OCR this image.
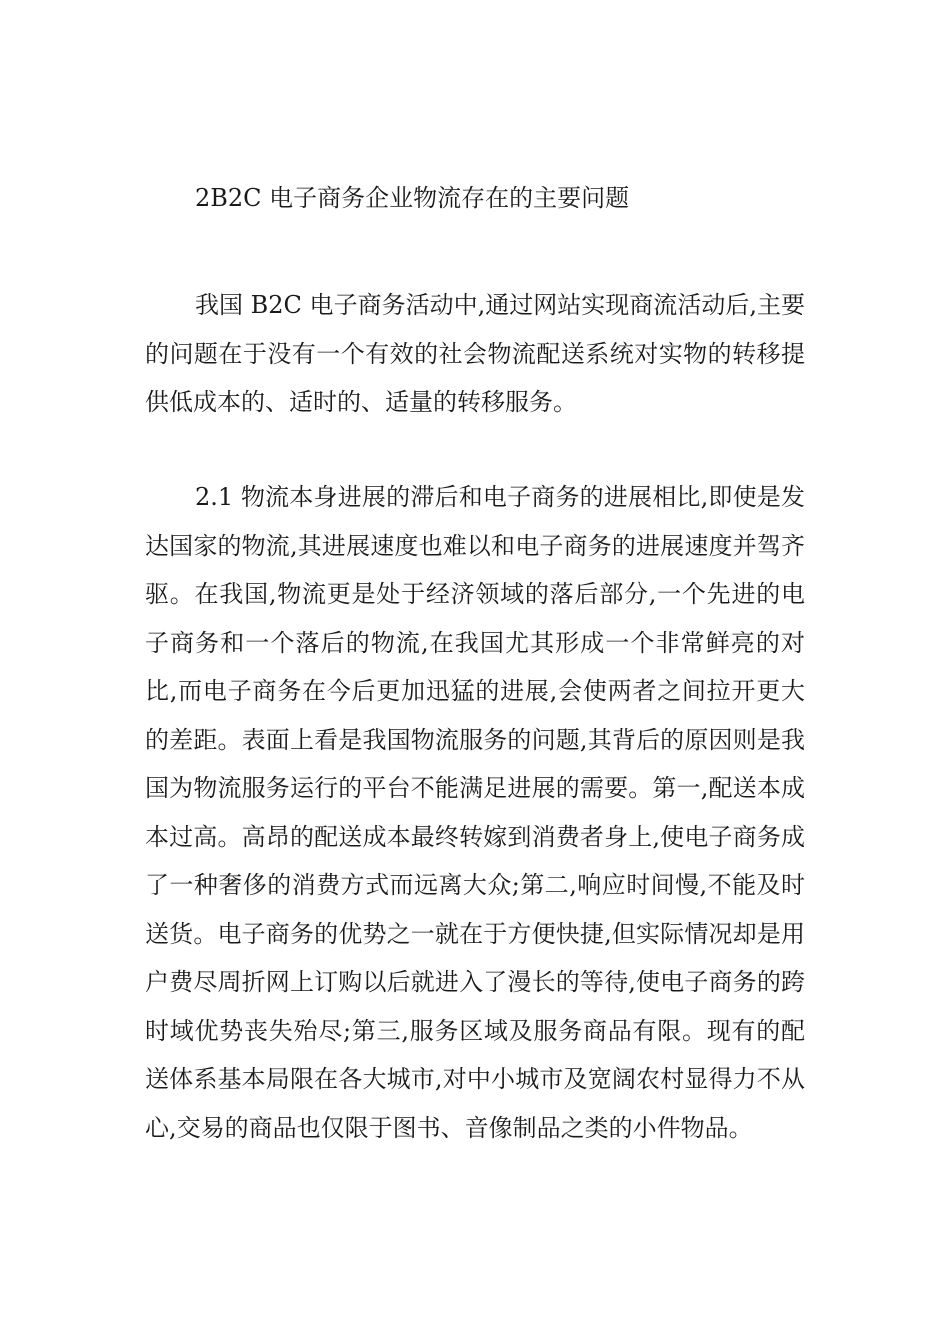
2B2C 电子商务企业物流存在的主要问题

我国 B2C 电子商务活动中,通过网站实现商流活动后,主要的问题在于没有一个有效的社会物流配送系统对实物的转移提供低成本的、适时的、适量的转移服务。

2.1 物流本身进展的滞后和电子商务的进展相比,即使是发达国家的物流,其进展速度也难以和电子商务的进展速度并驾齐驱。在我国,物流更是处于经济领域的落后部分,一个先进的电子商务和一个落后的物流,在我国尤其形成一个非常鲜亮的对比,而电子商务在今后更加迅猛的进展,会使两者之间拉开更大的差距。表面上看是我国物流服务的问题,其背后的原因则是我国为物流服务运行的平台不能满足进展的需要。第一,配送本成本过高。高昂的配送成本最终转嫁到消费者身上,使电子商务成了一种奢侈的消费方式而远离大众;第二,响应时间慢,不能及时送货。电子商务的优势之一就在于方便快捷,但实际情况却是用户费尽周折网上订购以后就进入了漫长的等待,使电子商务的跨时域优势丧失殆尽;第三,服务区域及服务商品有限。现有的配送体系基本局限在各大城市,对中小城市及宽阔农村显得力不从心,交易的商品也仅限于图书、音像制品之类的小件物品。
